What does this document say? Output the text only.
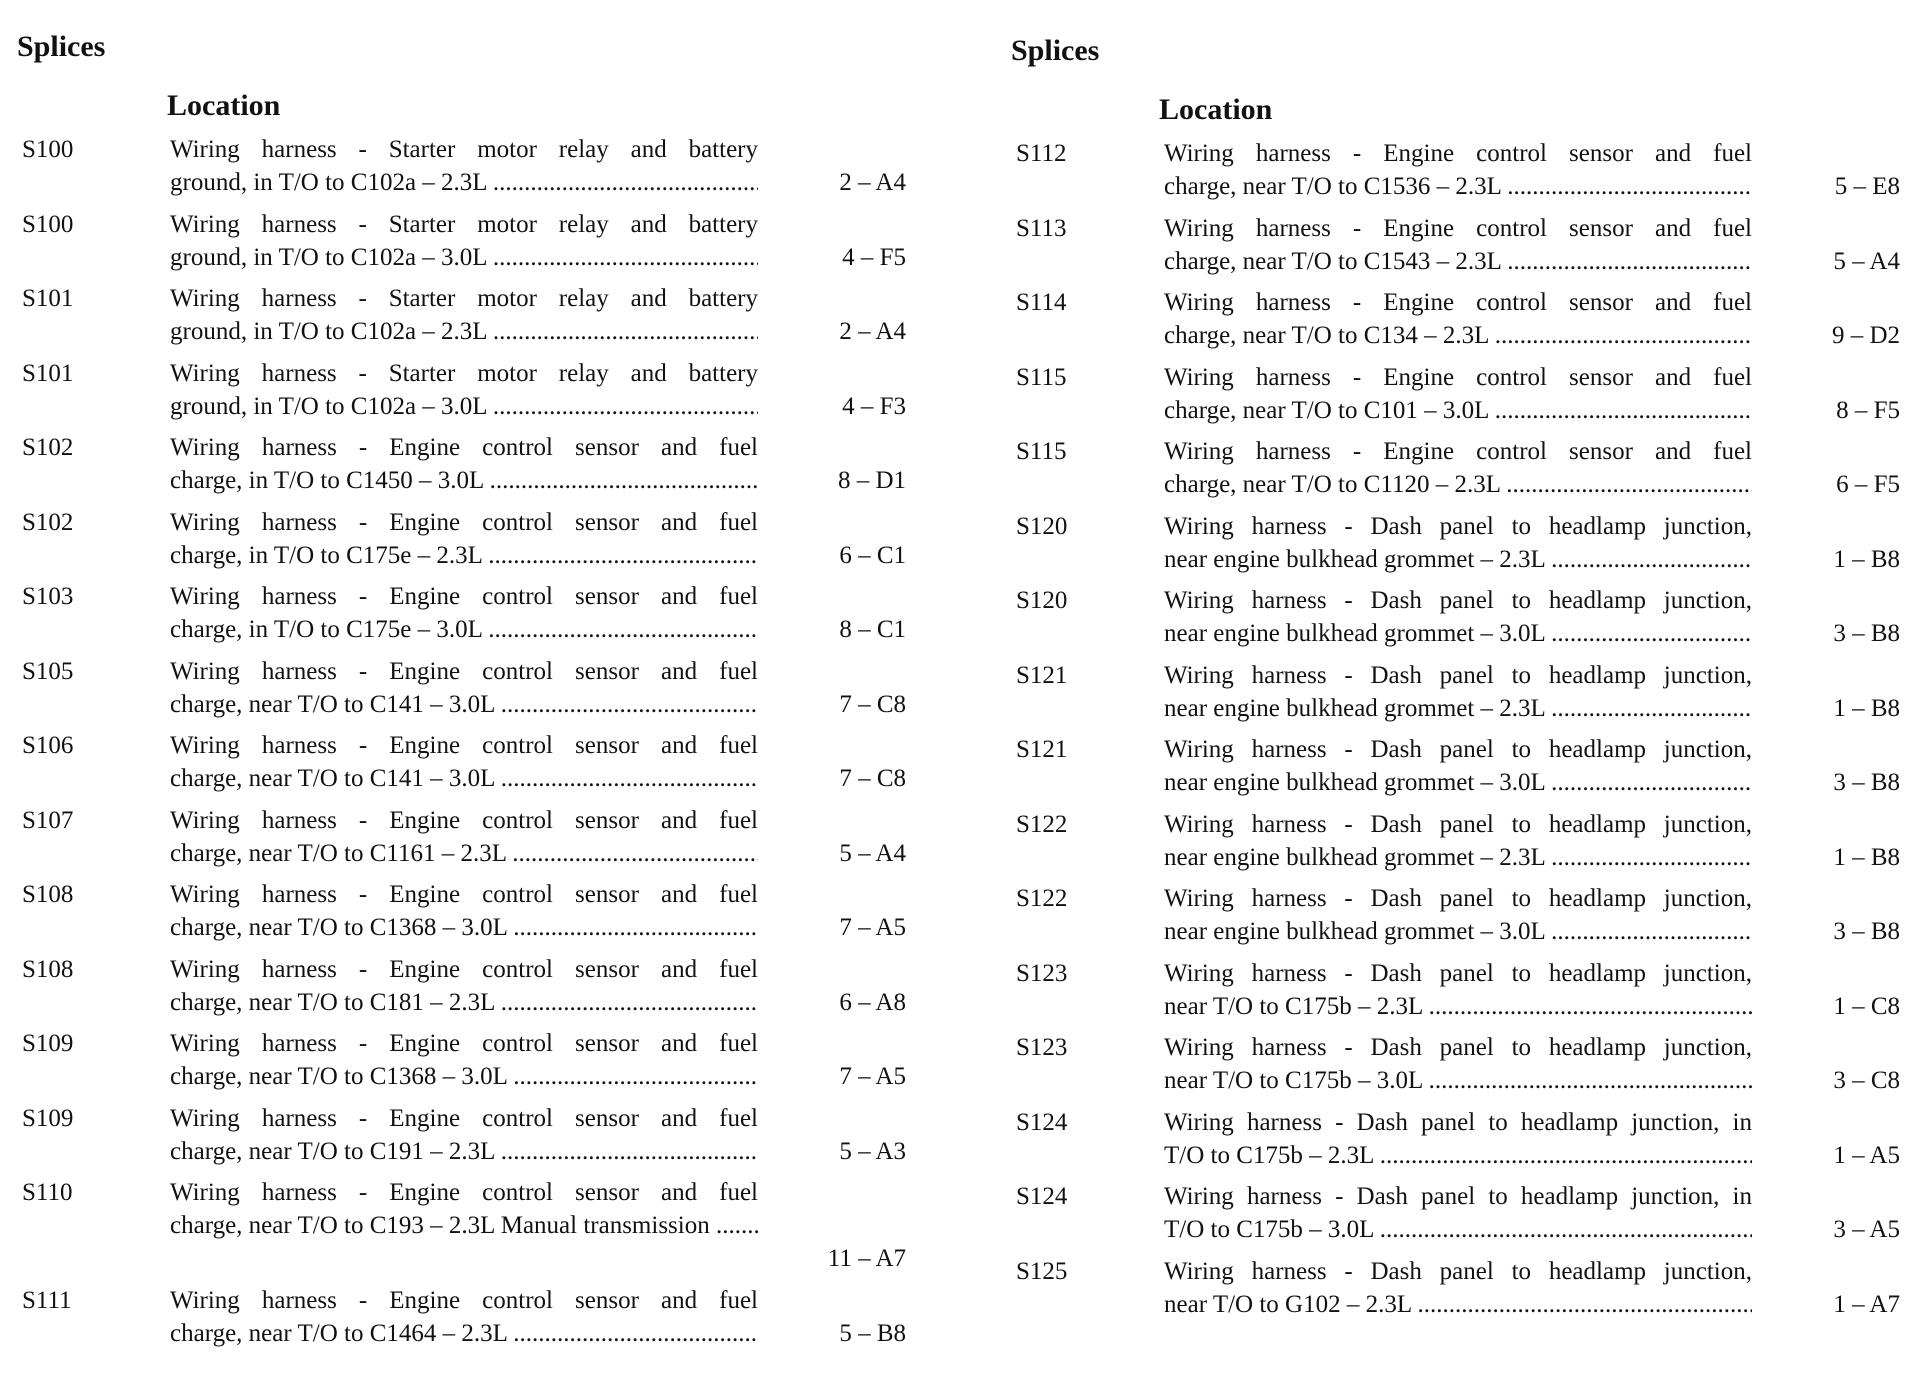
Splices
Location
S100	Wiring harness - Starter motor relay and battery
ground, in T/O to C102a – 2.3L .....	2 – A4
S100	Wiring harness - Starter motor relay and battery
ground, in T/O to C102a – 3.0L .....	4 – F5
S101	Wiring harness - Starter motor relay and battery
ground, in T/O to C102a – 2.3L .....	2 – A4
S101	Wiring harness - Starter motor relay and battery
ground, in T/O to C102a – 3.0L .....	4 – F3
S102	Wiring harness - Engine control sensor and fuel
charge, in T/O to C1450 – 3.0L .....	8 – D1
S102	Wiring harness - Engine control sensor and fuel
charge, in T/O to C175e – 2.3L .....	6 – C1
S103	Wiring harness - Engine control sensor and fuel
charge, in T/O to C175e – 3.0L .....	8 – C1
S105	Wiring harness - Engine control sensor and fuel
charge, near T/O to C141 – 3.0L .....	7 – C8
S106	Wiring harness - Engine control sensor and fuel
charge, near T/O to C141 – 3.0L .....	7 – C8
S107	Wiring harness - Engine control sensor and fuel
charge, near T/O to C1161 – 2.3L .....	5 – A4
S108	Wiring harness - Engine control sensor and fuel
charge, near T/O to C1368 – 3.0L .....	7 – A5
S108	Wiring harness - Engine control sensor and fuel
charge, near T/O to C181 – 2.3L .....	6 – A8
S109	Wiring harness - Engine control sensor and fuel
charge, near T/O to C1368 – 3.0L .....	7 – A5
S109	Wiring harness - Engine control sensor and fuel
charge, near T/O to C191 – 2.3L .....	5 – A3
S110	Wiring harness - Engine control sensor and fuel
charge, near T/O to C193 – 2.3L Manual transmission .....
11 – A7
S111	Wiring harness - Engine control sensor and fuel
charge, near T/O to C1464 – 2.3L .....	5 – B8
Splices
Location
S112	Wiring harness - Engine control sensor and fuel
charge, near T/O to C1536 – 2.3L .....	5 – E8
S113	Wiring harness - Engine control sensor and fuel
charge, near T/O to C1543 – 2.3L .....	5 – A4
S114	Wiring harness - Engine control sensor and fuel
charge, near T/O to C134 – 2.3L .....	9 – D2
S115	Wiring harness - Engine control sensor and fuel
charge, near T/O to C101 – 3.0L .....	8 – F5
S115	Wiring harness - Engine control sensor and fuel
charge, near T/O to C1120 – 2.3L .....	6 – F5
S120	Wiring harness - Dash panel to headlamp junction,
near engine bulkhead grommet – 2.3L .....	1 – B8
S120	Wiring harness - Dash panel to headlamp junction,
near engine bulkhead grommet – 3.0L .....	3 – B8
S121	Wiring harness - Dash panel to headlamp junction,
near engine bulkhead grommet – 2.3L .....	1 – B8
S121	Wiring harness - Dash panel to headlamp junction,
near engine bulkhead grommet – 3.0L .....	3 – B8
S122	Wiring harness - Dash panel to headlamp junction,
near engine bulkhead grommet – 2.3L .....	1 – B8
S122	Wiring harness - Dash panel to headlamp junction,
near engine bulkhead grommet – 3.0L .....	3 – B8
S123	Wiring harness - Dash panel to headlamp junction,
near T/O to C175b – 2.3L .....	1 – C8
S123	Wiring harness - Dash panel to headlamp junction,
near T/O to C175b – 3.0L .....	3 – C8
S124	Wiring harness - Dash panel to headlamp junction, in
T/O to C175b – 2.3L .....	1 – A5
S124	Wiring harness - Dash panel to headlamp junction, in
T/O to C175b – 3.0L .....	3 – A5
S125	Wiring harness - Dash panel to headlamp junction,
near T/O to G102 – 2.3L .....	1 – A7
